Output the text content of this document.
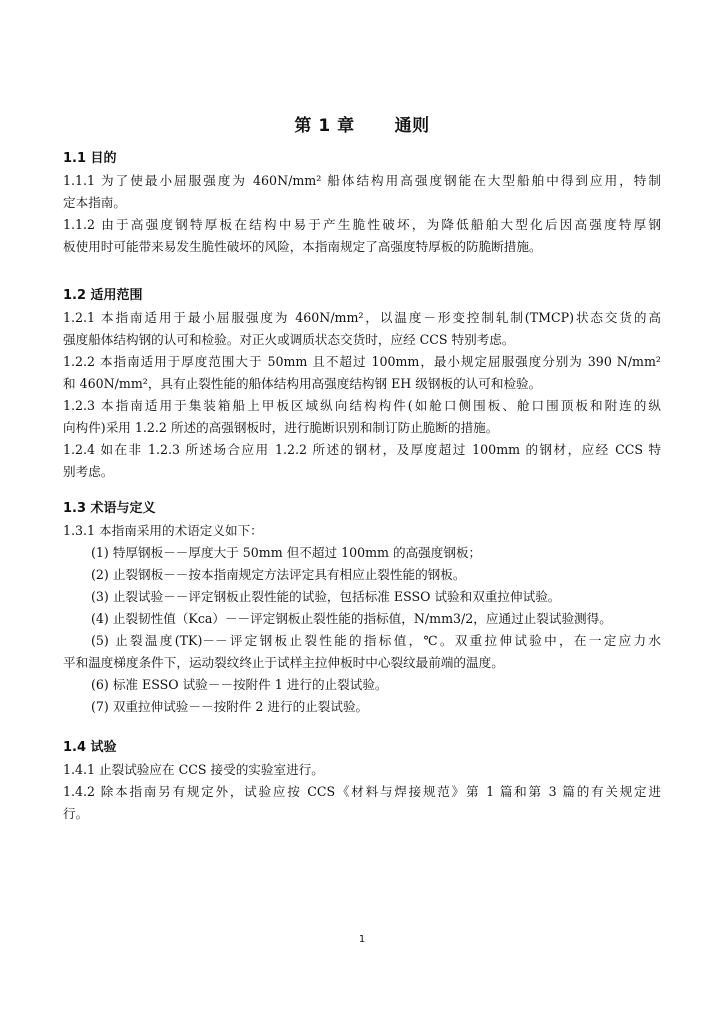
第 1 章 通则
1.1 目的
1.1.1 为了使最小屈服强度为 460N/mm² 船体结构用高强度钢能在大型船舶中得到应用，特制
定本指南。
1.1.2 由于高强度钢特厚板在结构中易于产生脆性破坏，为降低船舶大型化后因高强度特厚钢
板使用时可能带来易发生脆性破坏的风险，本指南规定了高强度特厚板的防脆断措施。
1.2 适用范围
1.2.1 本指南适用于最小屈服强度为 460N/mm²，以温度－形变控制轧制(TMCP)状态交货的高
强度船体结构钢的认可和检验。对正火或调质状态交货时，应经 CCS 特别考虑。
1.2.2 本指南适用于厚度范围大于 50mm 且不超过 100mm，最小规定屈服强度分别为 390 N/mm²
和 460N/mm²，具有止裂性能的船体结构用高强度结构钢 EH 级钢板的认可和检验。
1.2.3 本指南适用于集装箱船上甲板区域纵向结构构件(如舱口侧围板、舱口围顶板和附连的纵
向构件)采用 1.2.2 所述的高强钢板时，进行脆断识别和制订防止脆断的措施。
1.2.4 如在非 1.2.3 所述场合应用 1.2.2 所述的钢材，及厚度超过 100mm 的钢材，应经 CCS 特
别考虑。
1.3 术语与定义
1.3.1 本指南采用的术语定义如下：
(1) 特厚钢板－－厚度大于 50mm 但不超过 100mm 的高强度钢板；
(2) 止裂钢板－－按本指南规定方法评定具有相应止裂性能的钢板。
(3) 止裂试验－－评定钢板止裂性能的试验，包括标准 ESSO 试验和双重拉伸试验。
(4) 止裂韧性值（Kca）－－评定钢板止裂性能的指标值，N/mm3/2，应通过止裂试验测得。
(5) 止裂温度(TK)－－评定钢板止裂性能的指标值，℃。双重拉伸试验中，在一定应力水
平和温度梯度条件下，运动裂纹终止于试样主拉伸板时中心裂纹最前端的温度。
(6) 标准 ESSO 试验－－按附件 1 进行的止裂试验。
(7) 双重拉伸试验－－按附件 2 进行的止裂试验。
1.4 试验
1.4.1 止裂试验应在 CCS 接受的实验室进行。
1.4.2 除本指南另有规定外，试验应按 CCS《材料与焊接规范》第 1 篇和第 3 篇的有关规定进
行。
1
